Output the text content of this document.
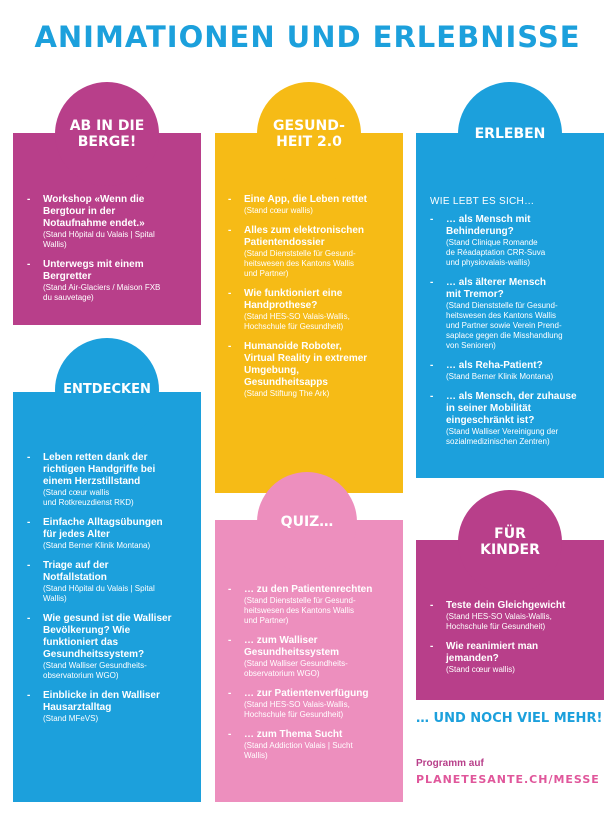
ANIMATIONEN UND ERLEBNISSE
AB IN DIE
BERGE!
- Workshop «Wenn die
Bergtour in der
Notaufnahme endet.»
(Stand Hôpital du Valais | Spital
Wallis)
- Unterwegs mit einem
Bergretter
(Stand Air-Glaciers / Maison FXB
du sauvetage)
GESUND-
HEIT 2.0
- Eine App, die Leben rettet
(Stand cœur wallis)
- Alles zum elektronischen
Patientendossier
(Stand Dienststelle für Gesund-
heitswesen des Kantons Wallis
und Partner)
- Wie funktioniert eine
Handprothese?
(Stand HES-SO Valais-Wallis,
Hochschule für Gesundheit)
- Humanoide Roboter,
Virtual Reality in extremer
Umgebung,
Gesundheitsapps
(Stand Stiftung The Ark)
ERLEBEN
WIE LEBT ES SICH…
- … als Mensch mit
Behinderung?
(Stand Clinique Romande
de Réadaptation CRR-Suva
und physiovalais-wallis)
- … als älterer Mensch
mit Tremor?
(Stand Dienststelle für Gesund-
heitswesen des Kantons Wallis
und Partner sowie Verein Prend-
saplace gegen die Misshandlung
von Senioren)
- … als Reha-Patient?
(Stand Berner Klinik Montana)
- … als Mensch, der zuhause
in seiner Mobilität
eingeschränkt ist?
(Stand Walliser Vereinigung der
sozialmedizinischen Zentren)
ENTDECKEN
- Leben retten dank der
richtigen Handgriffe bei
einem Herzstillstand
(Stand cœur wallis
und Rotkreuzdienst RKD)
- Einfache Alltagsübungen
für jedes Alter
(Stand Berner Klinik Montana)
- Triage auf der
Notfallstation
(Stand Hôpital du Valais | Spital
Wallis)
- Wie gesund ist die Walliser
Bevölkerung? Wie
funktioniert das
Gesundheitssystem?
(Stand Walliser Gesundheits-
observatorium WGO)
- Einblicke in den Walliser
Hausarztalltag
(Stand MFeVS)
QUIZ…
- … zu den Patientenrechten
(Stand Dienststelle für Gesund-
heitswesen des Kantons Wallis
und Partner)
- … zum Walliser
Gesundheitssystem
(Stand Walliser Gesundheits-
observatorium WGO)
- … zur Patientenverfügung
(Stand HES-SO Valais-Wallis,
Hochschule für Gesundheit)
- … zum Thema Sucht
(Stand Addiction Valais | Sucht
Wallis)
FÜR
KINDER
- Teste dein Gleichgewicht
(Stand HES-SO Valais-Wallis,
Hochschule für Gesundheit)
- Wie reanimiert man
jemanden?
(Stand cœur wallis)
… UND NOCH VIEL MEHR!
Programm auf
PLANETESANTE.CH/MESSE
